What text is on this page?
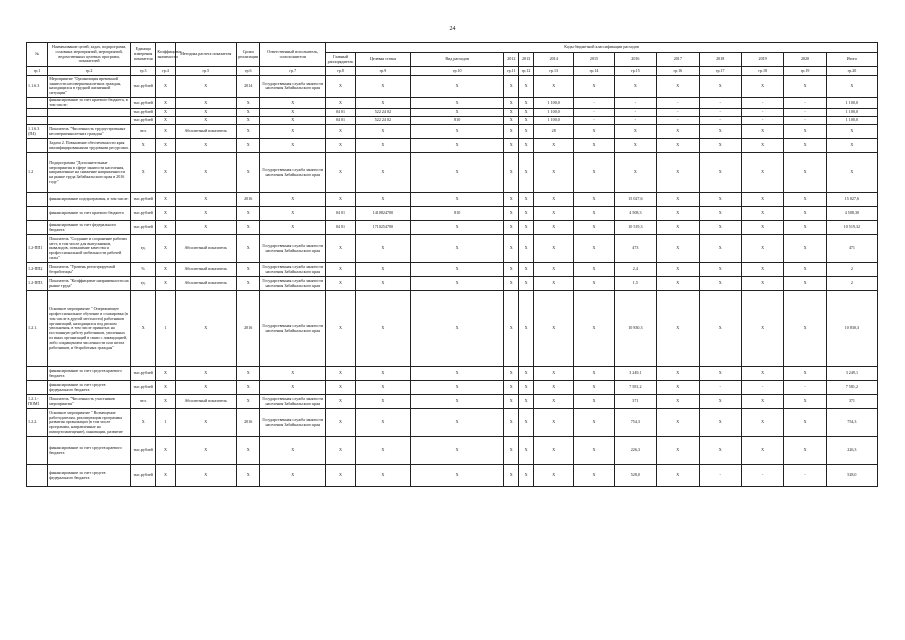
24
№	Наименование целей, задач, подпрограмм, основных мероприятий, мероприятий, ведомственных целевых программ, показателей	Единица измерения показателя	Коэффициент значимости	Методика расчета показателя	Сроки реализации	Ответственный исполнитель, соисполнители	Коды бюджетной классификации расходов												
							Главный распорядитель	Целевая статья	Вид расходов	2012	2013	2014	2015	2016	2017	2018	2019	2020	Итого
гр.1	гр.2	гр.3	гр.4	гр.5	гр.6	гр.7	гр.8	гр.9	гр.10	гр.11	гр.12	гр.13	гр.14	гр.15	гр.16	гр.17	гр.18	гр.19	гр.20
1.1.6.3	Мероприятие "Организация временной занятости несовершеннолетних граждан, находящихся в трудной жизненной ситуации"	тыс.рублей	Х	Х	2014	Государственная служба занятости населения Забайкальского края	Х	Х	Х	Х	Х	Х	Х	Х	Х	Х	Х	Х	Х
	финансирование за счет краевого бюджета, в том числе:	тыс.рублей	Х	Х	Х	Х	Х	Х	Х	Х	Х	1 100,0	-	-	-	-	-	-	1 100,0
		тыс.рублей	Х	Х	Х	Х	04 01	522 24 02	Х	Х	Х	1 100,0	-	-	-	-	-	-	1 100,0
		тыс.рублей	Х	Х	Х	Х	04 01	522 24 02	810	Х	Х	1 100,0	-	-	-	-	-	-	1 100,0
1.1.6.3 (П4)	Показатель "Численность трудоустроенных несовершеннолетних граждан"	чел.	Х	Абсолютный показатель	Х	Х	Х	Х	Х	Х	Х	28	Х	Х	Х	Х	Х	Х	Х
	Задача 2. Повышение обеспеченности края квалифицированными трудовыми ресурсами.	Х	Х	Х	Х	Х	Х	Х	Х	Х	Х	Х	Х	Х	Х	Х	Х	Х	Х
1.2	Подпрограмма "Дополнительные мероприятия в сфере занятости населения, направленные на снижение напряженности на рынке труда Забайкальского края в 2016 году"	Х	Х	Х	Х	Государственная служба занятости населения Забайкальского края	Х	Х	Х	Х	Х	Х	Х	Х	Х	Х	Х	Х	Х
	финансирование подпрограммы, в том числе:	тыс.рублей	Х	Х	2016	Х	Х	Х	Х	Х	Х	Х	Х	15 027,6	Х	Х	Х	Х	15 027,6
	финансирование за счет краевого бюджета	тыс.рублей	Х	Х	Х	Х	04 01	1410824700	810	Х	Х	Х	Х	4 508,3	Х	Х	Х	Х	4 508,30
	финансирование за счет федерального бюджета	тыс.рублей	Х	Х	Х	Х	04 01	1710254700	Х	Х	Х	Х	Х	10 519,3	Х	Х	Х	Х	10 519,32
1.2-ПП1	Показатель "Создание и сохранение рабочих мест, в том числе для выпускников, инвалидов, повышение качества и профессиональной мобильности рабочей силы"	ед.	Х	Абсолютный показатель	Х	Государственная служба занятости населения Забайкальского края	Х	Х	Х	Х	Х	Х	Х	473	Х	Х	Х	Х	471
1.2-ПП2	Показатель "Уровень регистрируемой безработицы"	%	Х	Абсолютный показатель	Х	Государственная служба занятости населения Забайкальского края	Х	Х	Х	Х	Х	Х	Х	2,4	Х	Х	Х	Х	2
1.2-ПП3	Показатель "Коэффициент напряженности на рынке труда"	ед.	Х	Абсолютный показатель	Х	Государственная служба занятости населения Забайкальского края	Х	Х	Х	Х	Х	Х	Х	1,5	Х	Х	Х	Х	2
1.2.1.	Основное мероприятие " Опережающее профессиональное обучение и стажировка (в том числе в другой местности) работников организаций, находящихся под риском увольнения, в том числе принятых на постоянную работу работников, уволенных из иных организаций в связи с ликвидацией, либо сокращением численности или штата работников, и безработных граждан"	Х	1	Х	2016	Государственная служба занятости населения Забайкальского края	Х	Х	Х	Х	Х	Х	Х	10 830,3	Х	Х	Х	Х	10 830,3
	финансирование за счет средств краевого бюджета	тыс.рублей	Х	Х	Х	Х	Х	Х	Х	Х	Х	Х	Х	3 249,1	Х	Х	Х	Х	3 249,1
	финансирование за счет средств федерального бюджета	тыс.рублей	Х	Х	Х	Х	Х	Х	Х	Х	Х	Х	Х	7 581,2	Х	-	-	-	7 581,2
1.2.1.-ПОМ1	Показатель "Численность участников мероприятия"	чел.	Х	Абсолютный показатель	Х	Государственная служба занятости населения Забайкальского края	Х	Х	Х	Х	Х	Х	Х	371	Х	Х	Х	Х	371
1.2.2.	Основное мероприятие " Возмещение работодателям, реализующим программы развития организации (в том числе программы, направленные на импортозамещение), инновации, развитие	Х	1	Х	2016	Государственная служба занятости населения Забайкальского края	Х	Х	Х	Х	Х	Х	Х	754,3	Х	Х	Х	Х	754,3
	финансирование за счет средств краевого бюджета	тыс.рублей	Х	Х	Х	Х	Х	Х	Х	Х	Х	Х	Х	226,3	Х	Х	Х	Х	226,3
	финансирование за счет средств федерального бюджета	тыс.рублей	Х	Х	Х	Х	Х	Х	Х	Х	Х	Х	Х	528,0	Х	-	-	-	528,0
